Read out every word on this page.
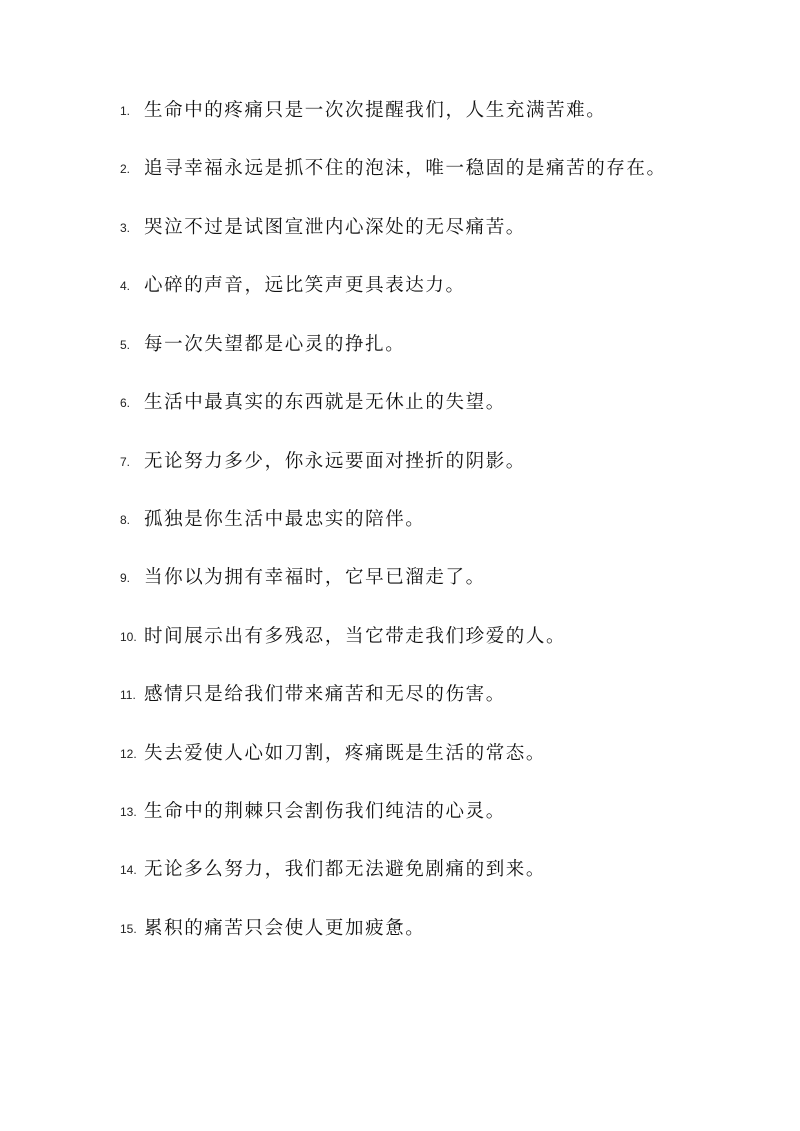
1. 生命中的疼痛只是一次次提醒我们，人生充满苦难。
2. 追寻幸福永远是抓不住的泡沫，唯一稳固的是痛苦的存在。
3. 哭泣不过是试图宣泄内心深处的无尽痛苦。
4. 心碎的声音，远比笑声更具表达力。
5. 每一次失望都是心灵的挣扎。
6. 生活中最真实的东西就是无休止的失望。
7. 无论努力多少，你永远要面对挫折的阴影。
8. 孤独是你生活中最忠实的陪伴。
9. 当你以为拥有幸福时，它早已溜走了。
10. 时间展示出有多残忍，当它带走我们珍爱的人。
11. 感情只是给我们带来痛苦和无尽的伤害。
12. 失去爱使人心如刀割，疼痛既是生活的常态。
13. 生命中的荆棘只会割伤我们纯洁的心灵。
14. 无论多么努力，我们都无法避免剧痛的到来。
15. 累积的痛苦只会使人更加疲惫。
